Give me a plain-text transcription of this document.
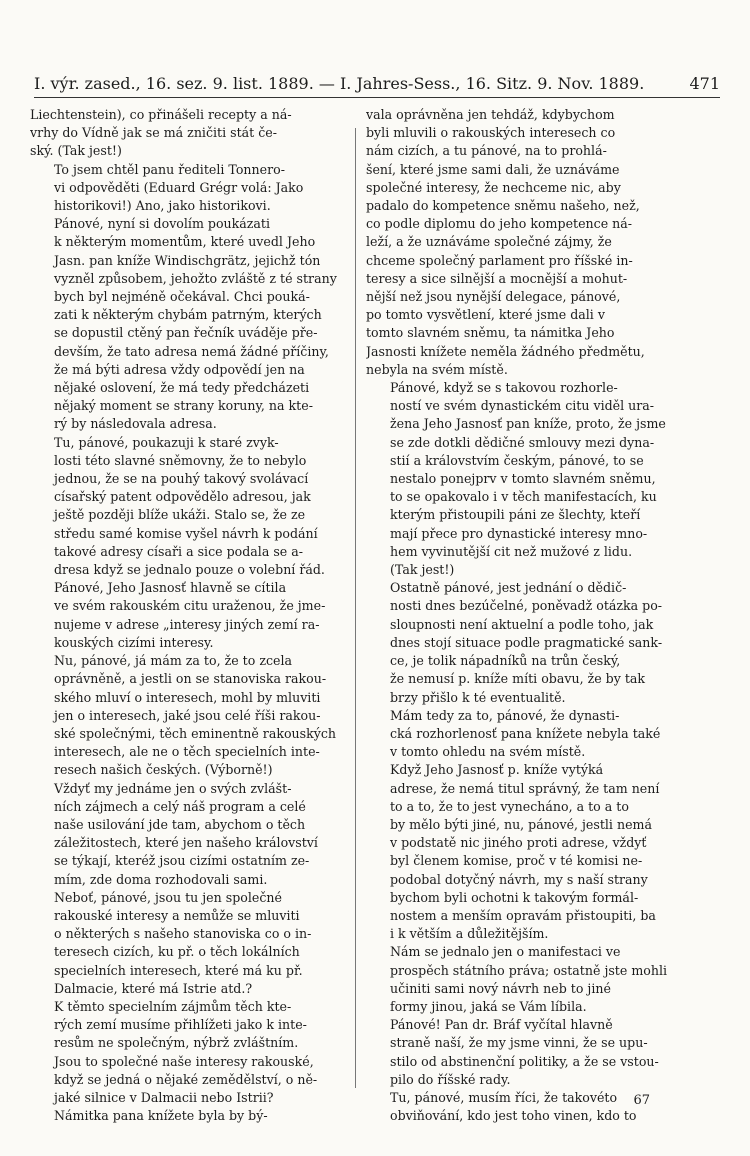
I. výr. zased., 16. sez. 9. list. 1889. — I. Jahres-Sess., 16. Sitz. 9. Nov. 1889.	471

Liechtenstein), co přinášeli recepty a ná-
vrhy do Vídně jak se má zničiti stát če-
ský. (Tak jest!)

To jsem chtěl panu řediteli Tonnero-
vi odpověděti (Eduard Grégr volá: Jako
historikovi!) Ano, jako historikovi.

Pánové, nyní si dovolím poukázati
k některým momentům, které uvedl Jeho
Jasn. pan kníže Windischgrätz, jejichž tón
vyzněl způsobem, jehožto zvláště z té strany
bych byl nejméně očekával. Chci pouká-
zati k některým chybám patrným, kterých
se dopustil ctěný pan řečník uváděje pře-
devším, že tato adresa nemá žádné příčiny,
že má býti adresa vždy odpovědí jen na
nějaké oslovení, že má tedy předcházeti
nějaký moment se strany koruny, na kte-
rý by následovala adresa.

Tu, pánové, poukazuji k staré zvyk-
losti této slavné sněmovny, že to nebylo
jednou, že se na pouhý takový svolávací
císařský patent odpovědělo adresou, jak
ještě později blíže ukáži. Stalo se, že ze
středu samé komise vyšel návrh k podání
takové adresy císaři a sice podala se a-
dresa když se jednalo pouze o volební řád.

Pánové, Jeho Jasnosť hlavně se cítila
ve svém rakouském citu uraženou, že jme-
nujeme v adrese „interesy jiných zemí ra-
kouských cizími interesy.

Nu, pánové, já mám za to, že to zcela
oprávněně, a jestli on se stanoviska rakou-
ského mluví o interesech, mohl by mluviti
jen o interesech, jaké jsou celé říši rakou-
ské společnými, těch eminentně rakouských
interesech, ale ne o těch specielních inte-
resech našich českých. (Výborně!)

Vždyť my jednáme jen o svých zvlášt-
ních zájmech a celý náš program a celé
naše usilování jde tam, abychom o těch
záležitostech, které jen našeho království
se týkají, kteréž jsou cizími ostatním ze-
mím, zde doma rozhodovali sami.

Neboť, pánové, jsou tu jen společné
rakouské interesy a nemůže se mluviti
o některých s našeho stanoviska co o in-
teresech cizích, ku př. o těch lokálních
specielních interesech, které má ku př.
Dalmacie, které má Istrie atd.?

K těmto specielním zájmům těch kte-
rých zemí musíme přihlížeti jako k inte-
resům ne společným, nýbrž zvláštním.
Jsou to společné naše interesy rakouské,
když se jedná o nějaké zemědělství, o ně-
jaké silnice v Dalmacii nebo Istrii?

Námitka pana knížete byla by bý-

vala oprávněna jen tehdáž, kdybychom
byli mluvili o rakouských interesech co
nám cizích, a tu pánové, na to prohlá-
šení, které jsme sami dali, že uznáváme
společné interesy, že nechceme nic, aby
padalo do kompetence sněmu našeho, než,
co podle diplomu do jeho kompetence ná-
leží, a že uznáváme společné zájmy, že
chceme společný parlament pro říšské in-
teresy a sice silnější a mocnější a mohut-
nější než jsou nynější delegace, pánové,
po tomto vysvětlení, které jsme dali v
tomto slavném sněmu, ta námitka Jeho
Jasnosti knížete neměla žádného předmětu,
nebyla na svém místě.

Pánové, když se s takovou rozhorle-
ností ve svém dynastickém citu viděl ura-
žena Jeho Jasnosť pan kníže, proto, že jsme
se zde dotkli dědičné smlouvy mezi dyna-
stií a královstvím českým, pánové, to se
nestalo ponejprv v tomto slavném sněmu,
to se opakovalo i v těch manifestacích, ku
kterým přistoupili páni ze šlechty, kteří
mají přece pro dynastické interesy mno-
hem vyvinutější cit než mužové z lidu.
(Tak jest!)

Ostatně pánové, jest jednání o dědič-
nosti dnes bezúčelné, poněvadž otázka po-
sloupnosti není aktuelní a podle toho, jak
dnes stojí situace podle pragmatické sank-
ce, je tolik nápadníků na trůn český,
že nemusí p. kníže míti obavu, že by tak
brzy přišlo k té eventualitě.

Mám tedy za to, pánové, že dynasti-
cká rozhorlenosť pana knížete nebyla také
v tomto ohledu na svém místě.

Když Jeho Jasnosť p. kníže vytýká
adrese, že nemá titul správný, že tam není
to a to, že to jest vynecháno, a to a to
by mělo býti jiné, nu, pánové, jestli nemá
v podstatě nic jiného proti adrese, vždyť
byl členem komise, proč v té komisi ne-
podobal dotyčný návrh, my s naší strany
bychom byli ochotni k takovým formál-
nostem a menším opravám přistoupiti, ba
i k větším a důležitějším.

Nám se jednalo jen o manifestaci ve
prospěch státního práva; ostatně jste mohli
učiniti sami nový návrh neb to jiné
formy jinou, jaká se Vám líbila.

Pánové! Pan dr. Bráf vyčítal hlavně
straně naší, že my jsme vinni, že se upu-
stilo od abstinenční politiky, a že se vstou-
pilo do říšské rady.

Tu, pánové, musím říci, že takovéto
obviňování, kdo jest toho vinen, kdo to

67
